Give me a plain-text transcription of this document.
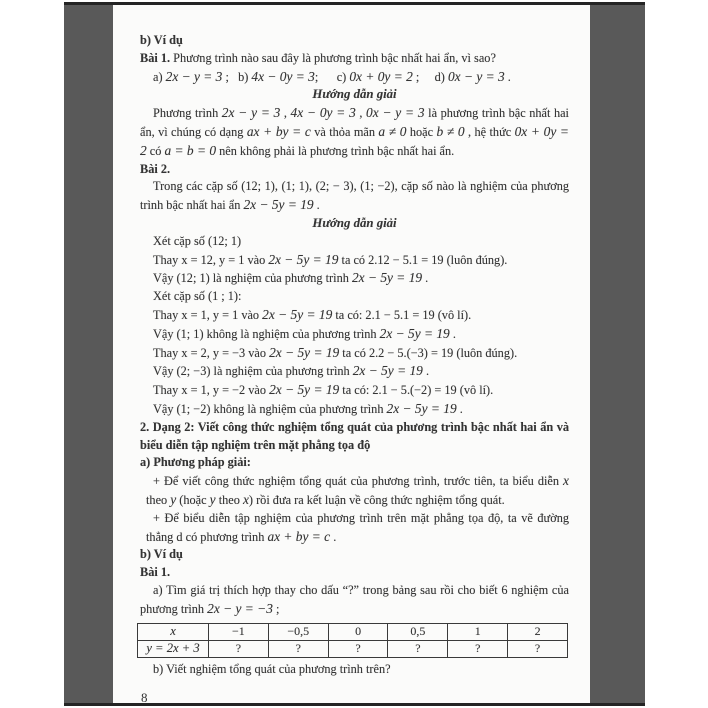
b) Ví dụ
Bài 1. Phương trình nào sau đây là phương trình bậc nhất hai ẩn, vì sao?
a) 2x − y = 3 ;   b) 4x − 0y = 3;      c) 0x + 0y = 2 ;     d) 0x − y = 3 .
Hướng dẫn giải
Phương trình 2x − y = 3 , 4x − 0y = 3 , 0x − y = 3 là phương trình bậc nhất hai ẩn, vì chúng có dạng ax + by = c và thỏa mãn a ≠ 0 hoặc b ≠ 0 , hệ thức 0x + 0y = 2 có a = b = 0 nên không phải là phương trình bậc nhất hai ẩn.
Bài 2.
Trong các cặp số (12; 1), (1; 1), (2; − 3), (1; −2), cặp số nào là nghiệm của phương trình bậc nhất hai ẩn 2x − 5y = 19 .
Hướng dẫn giải
Xét cặp số (12; 1)
Thay x = 12, y = 1 vào 2x − 5y = 19 ta có 2.12 − 5.1 = 19 (luôn đúng).
Vậy (12; 1) là nghiệm của phương trình 2x − 5y = 19 .
Xét cặp số (1 ; 1):
Thay x = 1, y = 1 vào 2x − 5y = 19 ta có: 2.1 − 5.1 = 19 (vô lí).
Vậy (1; 1) không là nghiệm của phương trình 2x − 5y = 19 .
Thay x = 2, y = −3 vào 2x − 5y = 19 ta có 2.2 − 5.(−3) = 19 (luôn đúng).
Vậy (2; −3) là nghiệm của phương trình 2x − 5y = 19 .
Thay x = 1, y = −2 vào 2x − 5y = 19 ta có: 2.1 − 5.(−2) = 19 (vô lí).
Vậy (1; −2) không là nghiệm của phương trình 2x − 5y = 19 .
2. Dạng 2: Viết công thức nghiệm tổng quát của phương trình bậc nhất hai ẩn và biểu diễn tập nghiệm trên mặt phẳng tọa độ
a) Phương pháp giải:
+ Để viết công thức nghiệm tổng quát của phương trình, trước tiên, ta biểu diễn x theo y (hoặc y theo x) rồi đưa ra kết luận về công thức nghiệm tổng quát.
+ Để biểu diễn tập nghiệm của phương trình trên mặt phẳng tọa độ, ta vẽ đường thẳng d có phương trình ax + by = c .
b) Ví dụ
Bài 1.
a) Tìm giá trị thích hợp thay cho dấu “?” trong bảng sau rồi cho biết 6 nghiệm của phương trình 2x − y = −3 ;
x	−1	−0,5	0	0,5	1	2
y = 2x + 3	?	?	?	?	?	?
b) Viết nghiệm tổng quát của phương trình trên?
8
